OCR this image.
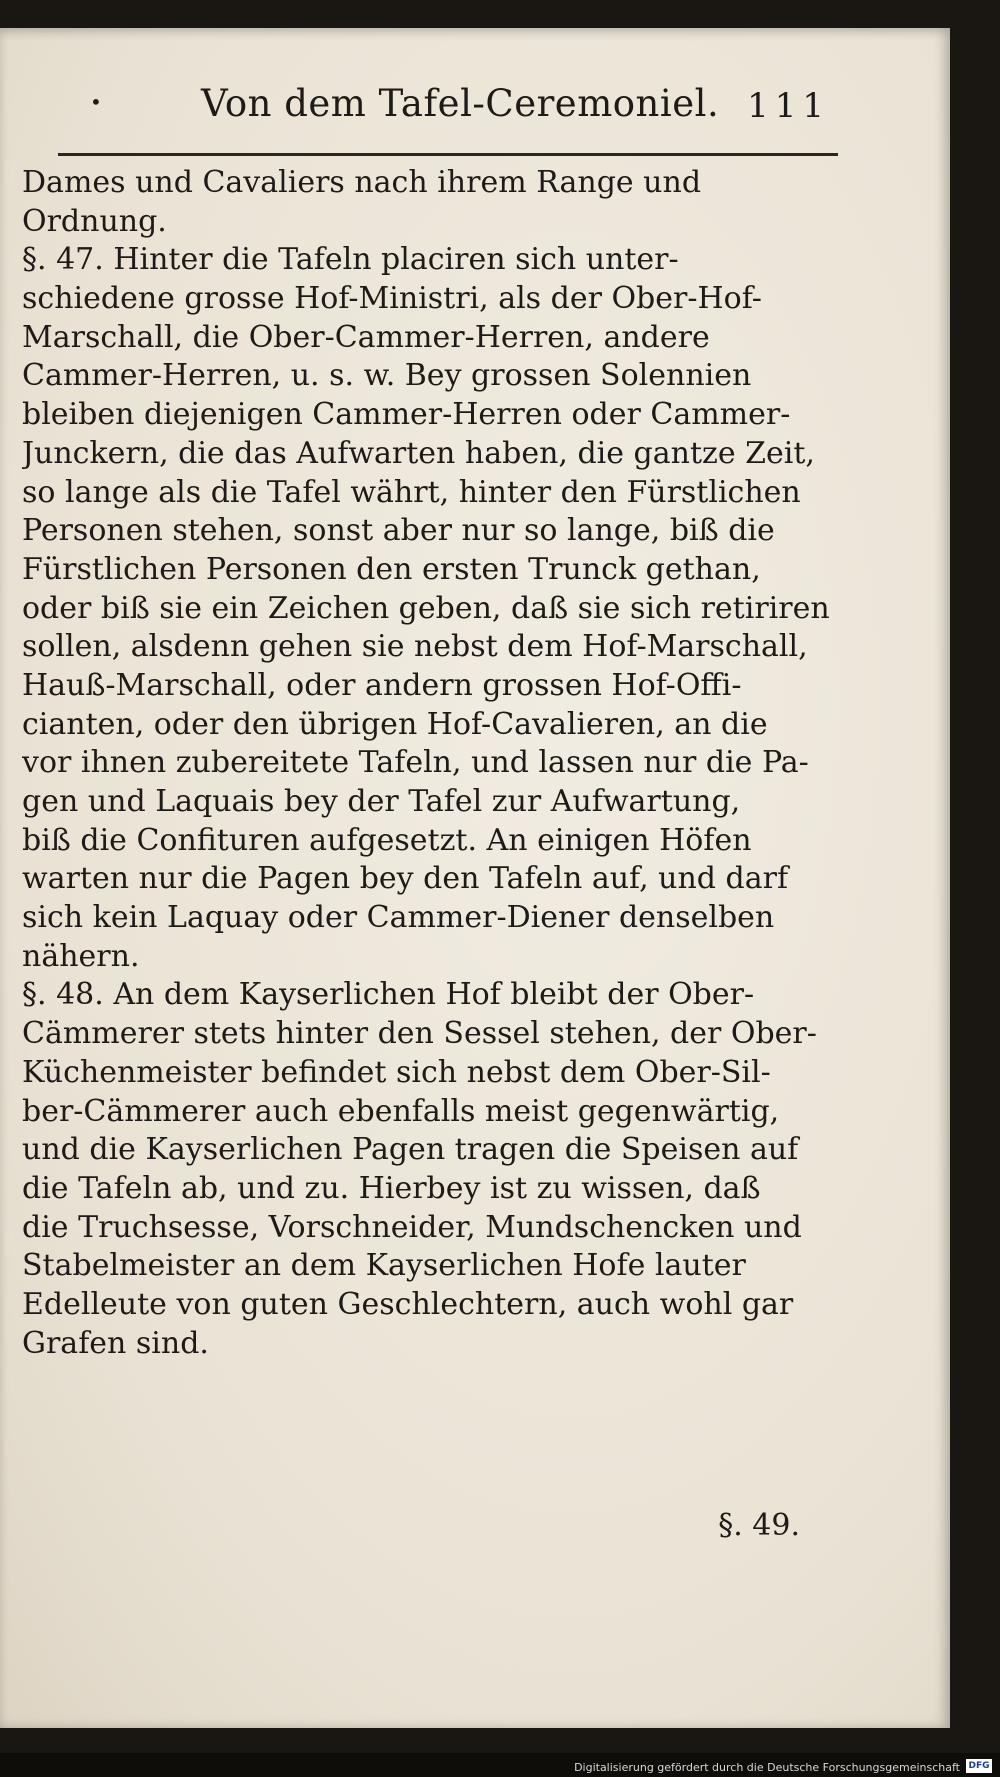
•	Von dem Tafel-Ceremoniel. 111
Dames und Cavaliers nach ihrem Range und
Ordnung.
§. 47. Hinter die Tafeln placiren sich unter-
schiedene grosse Hof-Ministri, als der Ober-Hof-
Marschall, die Ober-Cammer-Herren, andere
Cammer-Herren, u. s. w. Bey grossen Solennien
bleiben diejenigen Cammer-Herren oder Cammer-
Junckern, die das Aufwarten haben, die gantze Zeit,
so lange als die Tafel währt, hinter den Fürstlichen
Personen stehen, sonst aber nur so lange, biß die
Fürstlichen Personen den ersten Trunck gethan,
oder biß sie ein Zeichen geben, daß sie sich retiriren
sollen, alsdenn gehen sie nebst dem Hof-Marschall,
Hauß-Marschall, oder andern grossen Hof-Offi-
cianten, oder den übrigen Hof-Cavalieren, an die
vor ihnen zubereitete Tafeln, und lassen nur die Pa-
gen und Laquais bey der Tafel zur Aufwartung,
biß die Confituren aufgesetzt. An einigen Höfen
warten nur die Pagen bey den Tafeln auf, und darf
sich kein Laquay oder Cammer-Diener denselben
nähern.
§. 48. An dem Kayserlichen Hof bleibt der Ober-
Cämmerer stets hinter den Sessel stehen, der Ober-
Küchenmeister befindet sich nebst dem Ober-Sil-
ber-Cämmerer auch ebenfalls meist gegenwärtig,
und die Kayserlichen Pagen tragen die Speisen auf
die Tafeln ab, und zu. Hierbey ist zu wissen, daß
die Truchsesse, Vorschneider, Mundschencken und
Stabelmeister an dem Kayserlichen Hofe lauter
Edelleute von guten Geschlechtern, auch wohl gar
Grafen sind.
§. 49.
Digitalisierung gefördert durch die Deutsche Forschungsgemeinschaft DFG
